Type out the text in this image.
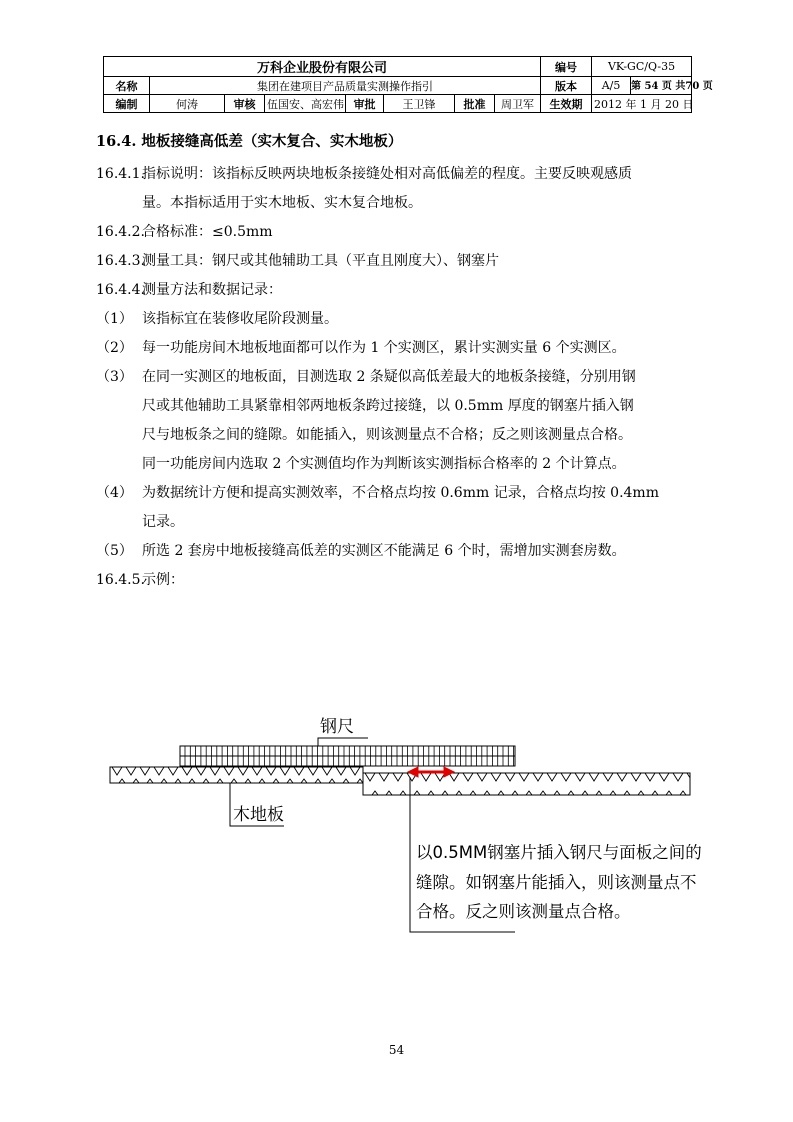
万科企业股份有限公司								编号	VK-GC/Q-35
名称	集团在建项目产品质量实测操作指引							版本	A/5 第 54 页 共70 页
编制	何涛	审核	伍国安、高宏伟	审批	王卫锋	批准	周卫军	生效期	2012 年 1 月 20 日
16.4. 地板接缝高低差（实木复合、实木地板）
16.4.1.
指标说明：该指标反映两块地板条接缝处相对高低偏差的程度。主要反映观感质
量。本指标适用于实木地板、实木复合地板。
16.4.2.
合格标准：≤0.5mm
16.4.3.
测量工具：钢尺或其他辅助工具（平直且刚度大）、钢塞片
16.4.4.
测量方法和数据记录：
（1） 该指标宜在装修收尾阶段测量。
（2） 每一功能房间木地板地面都可以作为 1 个实测区，累计实测实量 6 个实测区。
（3） 在同一实测区的地板面，目测选取 2 条疑似高低差最大的地板条接缝，分别用钢
尺或其他辅助工具紧靠相邻两地板条跨过接缝，以 0.5mm 厚度的钢塞片插入钢
尺与地板条之间的缝隙。如能插入，则该测量点不合格；反之则该测量点合格。
同一功能房间内选取 2 个实测值均作为判断该实测指标合格率的 2 个计算点。
（4） 为数据统计方便和提高实测效率，不合格点均按 0.6mm 记录，合格点均按 0.4mm
记录。
（5） 所选 2 套房中地板接缝高低差的实测区不能满足 6 个时，需增加实测套房数。
16.4.5.
示例：
钢尺
木地板
以0.5MM钢塞片插入钢尺与面板之间的
缝隙。如钢塞片能插入，则该测量点不
合格。反之则该测量点合格。
54
